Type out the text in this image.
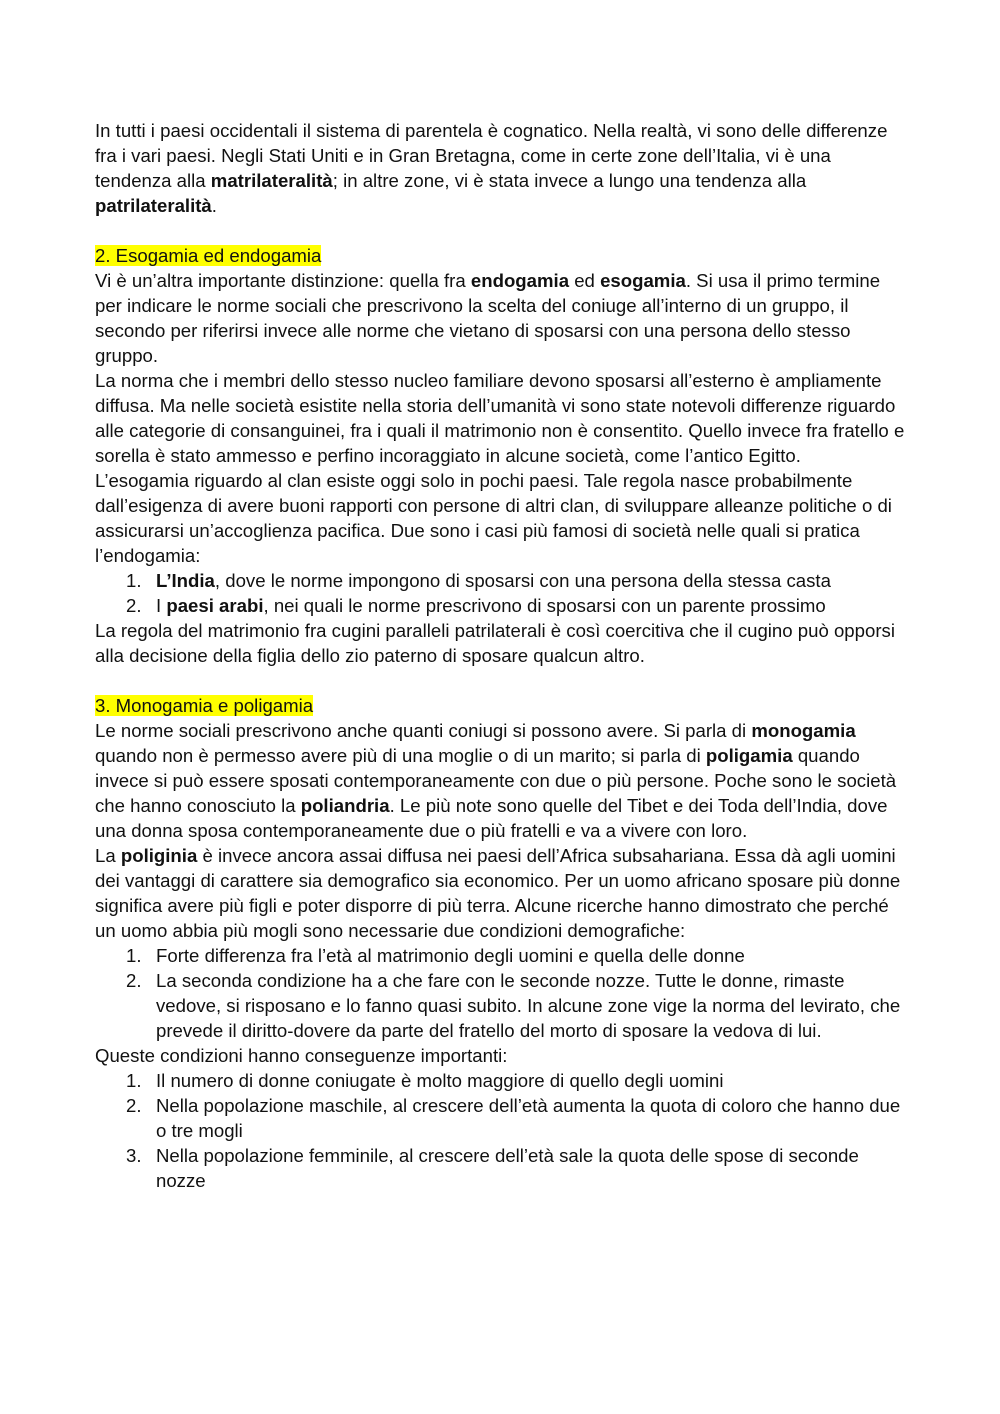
In tutti i paesi occidentali il sistema di parentela è cognatico. Nella realtà, vi sono delle differenze fra i vari paesi. Negli Stati Uniti e in Gran Bretagna, come in certe zone dell’Italia, vi è una tendenza alla matrilateralità; in altre zone, vi è stata invece a lungo una tendenza alla patrilateralità.

2. Esogamia ed endogamia

Vi è un’altra importante distinzione: quella fra endogamia ed esogamia. Si usa il primo termine per indicare le norme sociali che prescrivono la scelta del coniuge all’interno di un gruppo, il secondo per riferirsi invece alle norme che vietano di sposarsi con una persona dello stesso gruppo.

La norma che i membri dello stesso nucleo familiare devono sposarsi all’esterno è ampliamente diffusa. Ma nelle società esistite nella storia dell’umanità vi sono state notevoli differenze riguardo alle categorie di consanguinei, fra i quali il matrimonio non è consentito. Quello invece fra fratello e sorella è stato ammesso e perfino incoraggiato in alcune società, come l’antico Egitto.

L’esogamia riguardo al clan esiste oggi solo in pochi paesi. Tale regola nasce probabilmente dall’esigenza di avere buoni rapporti con persone di altri clan, di sviluppare alleanze politiche o di assicurarsi un’accoglienza pacifica. Due sono i casi più famosi di società nelle quali si pratica l’endogamia:

1. L’India, dove le norme impongono di sposarsi con una persona della stessa casta
2. I paesi arabi, nei quali le norme prescrivono di sposarsi con un parente prossimo

La regola del matrimonio fra cugini paralleli patrilaterali è così coercitiva che il cugino può opporsi alla decisione della figlia dello zio paterno di sposare qualcun altro.

3. Monogamia e poligamia

Le norme sociali prescrivono anche quanti coniugi si possono avere. Si parla di monogamia quando non è permesso avere più di una moglie o di un marito; si parla di poligamia quando invece si può essere sposati contemporaneamente con due o più persone. Poche sono le società che hanno conosciuto la poliandria. Le più note sono quelle del Tibet e dei Toda dell’India, dove una donna sposa contemporaneamente due o più fratelli e va a vivere con loro.

La poliginia è invece ancora assai diffusa nei paesi dell’Africa subsahariana. Essa dà agli uomini dei vantaggi di carattere sia demografico sia economico. Per un uomo africano sposare più donne significa avere più figli e poter disporre di più terra. Alcune ricerche hanno dimostrato che perché un uomo abbia più mogli sono necessarie due condizioni demografiche:

1. Forte differenza fra l’età al matrimonio degli uomini e quella delle donne
2. La seconda condizione ha a che fare con le seconde nozze. Tutte le donne, rimaste vedove, si risposano e lo fanno quasi subito. In alcune zone vige la norma del levirato, che prevede il diritto-dovere da parte del fratello del morto di sposare la vedova di lui.

Queste condizioni hanno conseguenze importanti:

1. Il numero di donne coniugate è molto maggiore di quello degli uomini
2. Nella popolazione maschile, al crescere dell’età aumenta la quota di coloro che hanno due o tre mogli
3. Nella popolazione femminile, al crescere dell’età sale la quota delle spose di seconde nozze
